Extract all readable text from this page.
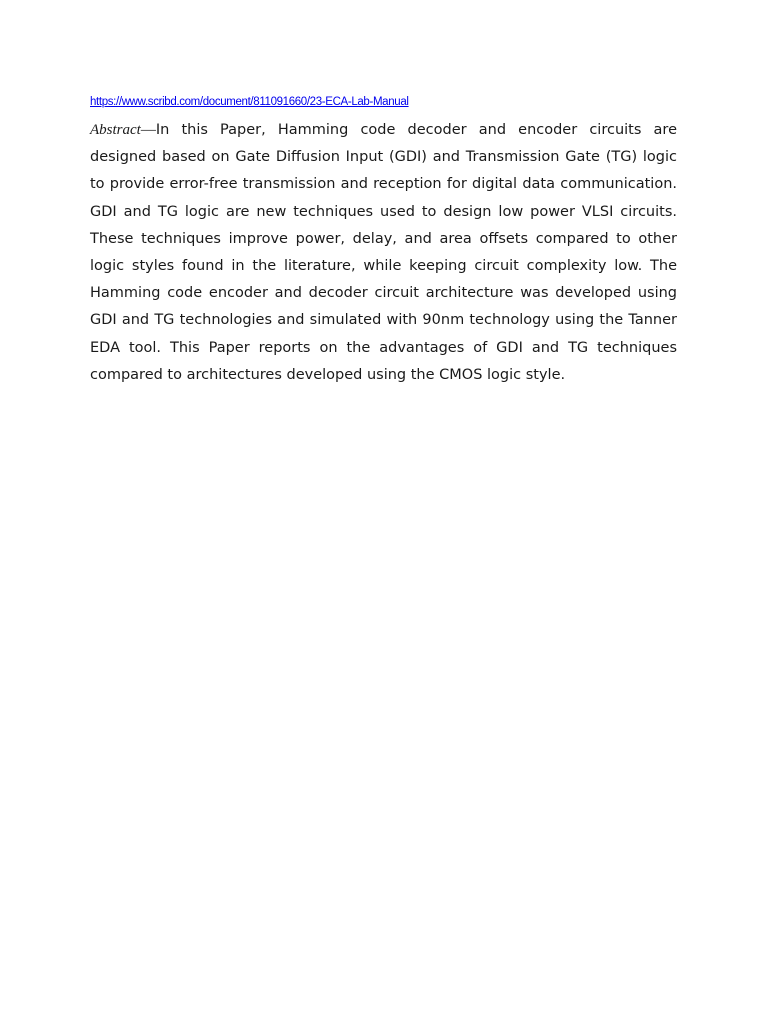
https://www.scribd.com/document/811091660/23-ECA-Lab-Manual

Abstract—In this Paper, Hamming code decoder and encoder circuits are designed based on Gate Diffusion Input (GDI) and Transmission Gate (TG) logic to provide error-free transmission and reception for digital data communication. GDI and TG logic are new techniques used to design low power VLSI circuits. These techniques improve power, delay, and area offsets compared to other logic styles found in the literature, while keeping circuit complexity low. The Hamming code encoder and decoder circuit architecture was developed using GDI and TG technologies and simulated with 90nm technology using the Tanner EDA tool. This Paper reports on the advantages of GDI and TG techniques compared to architectures developed using the CMOS logic style.
